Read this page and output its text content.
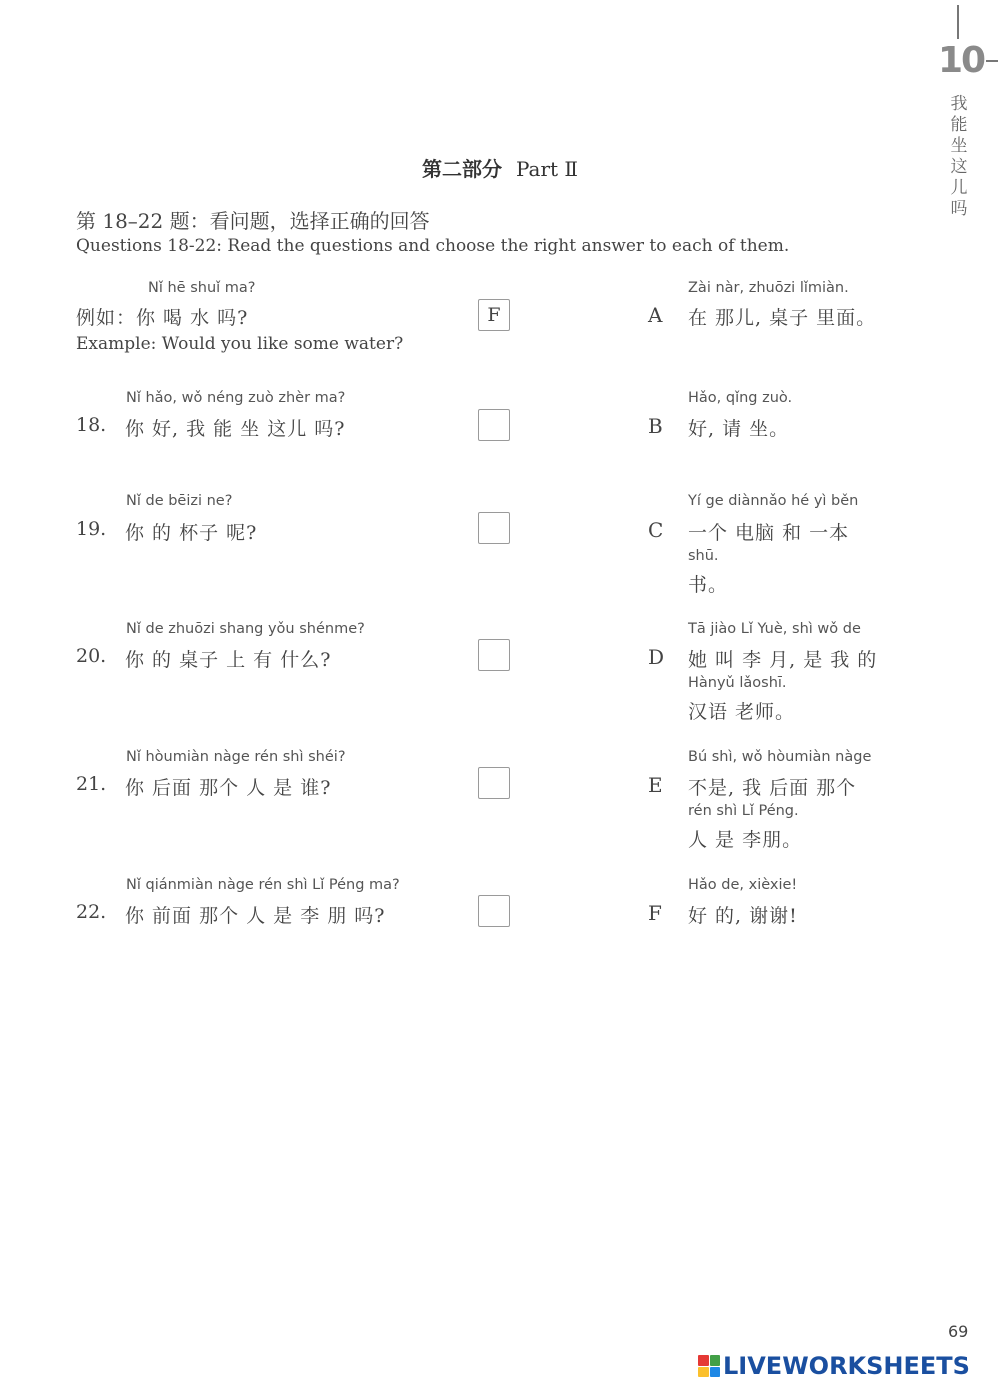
10
我能坐这儿吗
第二部分 Part Ⅱ
第 18–22 题：看问题，选择正确的回答
Questions 18-22: Read the questions and choose the right answer to each of them.
Nǐ hē shuǐ ma?
例如：你 喝 水 吗?	F
Example: Would you like some water?
Nǐ hǎo, wǒ néng zuò zhèr ma?
18. 你 好, 我 能 坐 这儿 吗?
Nǐ de bēizi ne?
19. 你 的 杯子 呢?
Nǐ de zhuōzi shang yǒu shénme?
20. 你 的 桌子 上 有 什么?
Nǐ hòumiàn nàge rén shì shéi?
21. 你 后面 那个 人 是 谁?
Nǐ qiánmiàn nàge rén shì Lǐ Péng ma?
22. 你 前面 那个 人 是 李 朋 吗?
Zài nàr, zhuōzi lǐmiàn.
A 在 那儿, 桌子 里面。
Hǎo, qǐng zuò.
B 好, 请 坐。
Yí ge diànnǎo hé yì běn
C 一个 电脑 和 一本
shū.
书。
Tā jiào Lǐ Yuè, shì wǒ de
D 她 叫 李 月, 是 我 的
Hànyǔ lǎoshī.
汉语 老师。
Bú shì, wǒ hòumiàn nàge
E 不是, 我 后面 那个
rén shì Lǐ Péng.
人 是 李朋。
Hǎo de, xièxie!
F 好 的, 谢谢!
69
LIVEWORKSHEETS
